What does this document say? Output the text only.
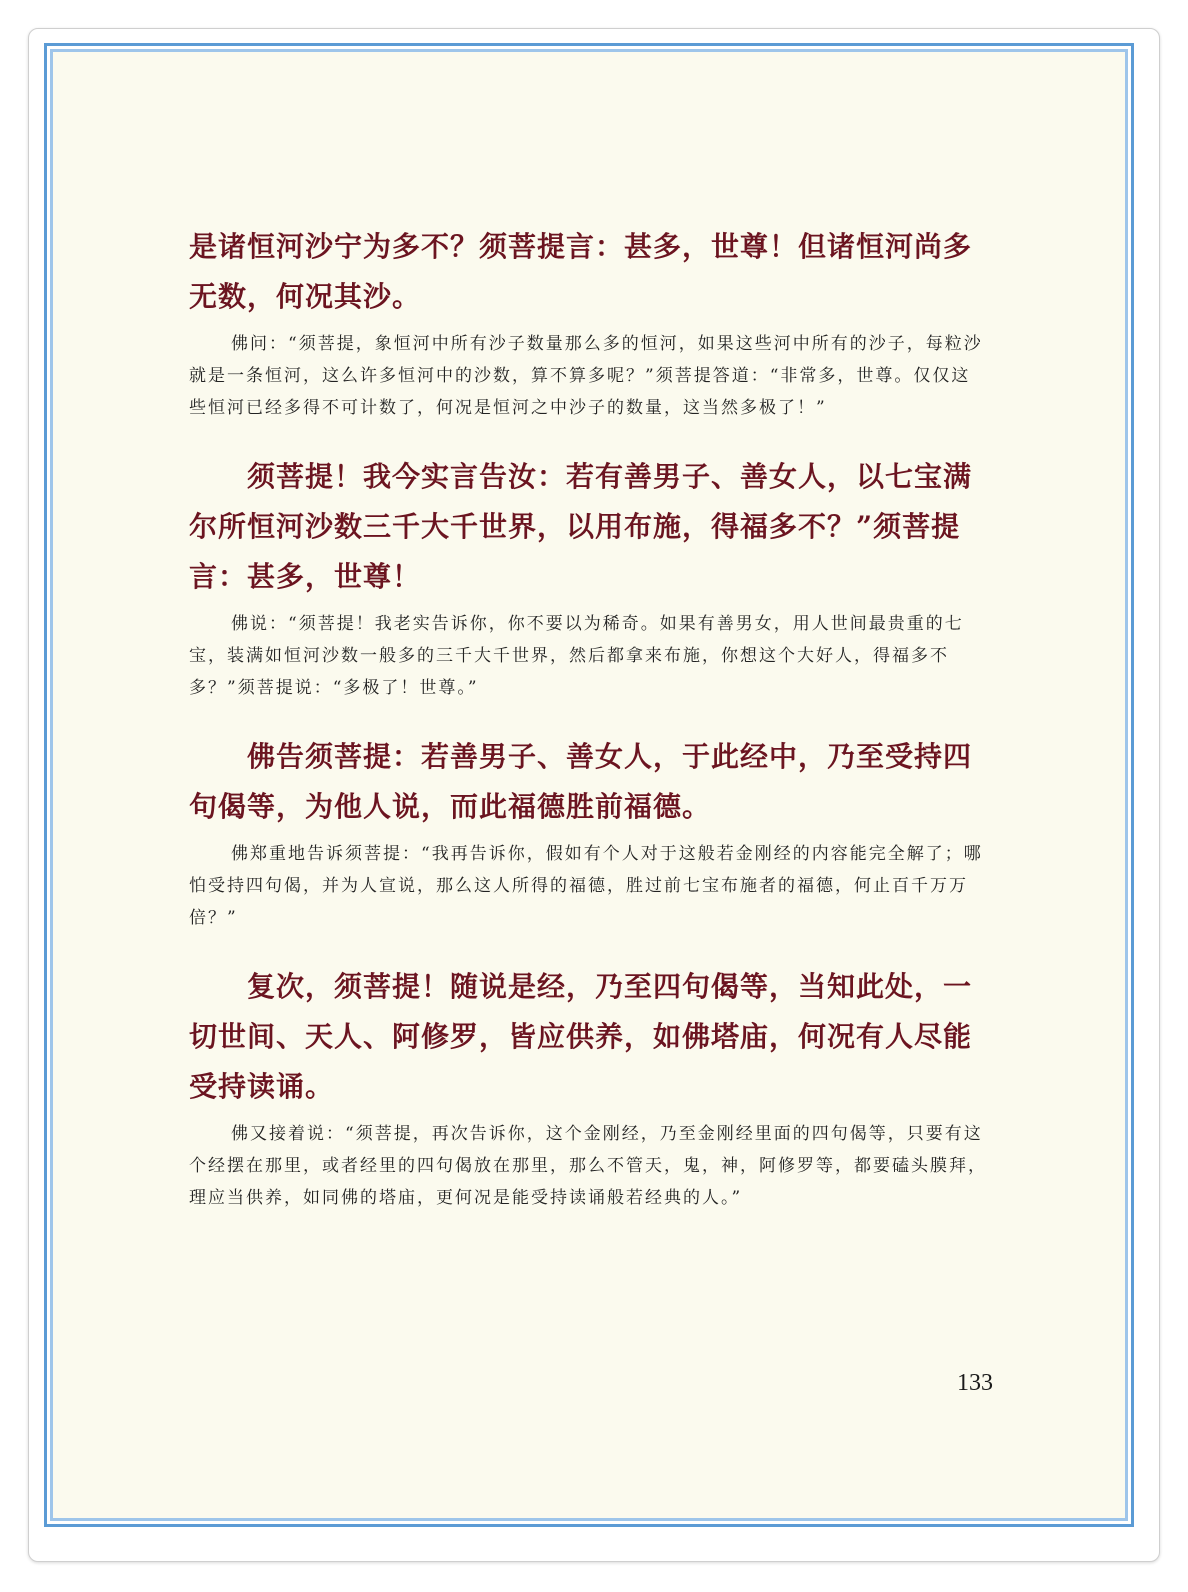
是诸恒河沙宁为多不？须菩提言：甚多，世尊！但诸恒河尚多无数，何况其沙。

佛问：“须菩提，象恒河中所有沙子数量那么多的恒河，如果这些河中所有的沙子，每粒沙就是一条恒河，这么许多恒河中的沙数，算不算多呢？”须菩提答道：“非常多，世尊。仅仅这些恒河已经多得不可计数了，何况是恒河之中沙子的数量，这当然多极了！”

须菩提！我今实言告汝：若有善男子、善女人，以七宝满尔所恒河沙数三千大千世界，以用布施，得福多不？”须菩提言：甚多，世尊！

佛说：“须菩提！我老实告诉你，你不要以为稀奇。如果有善男女，用人世间最贵重的七宝，装满如恒河沙数一般多的三千大千世界，然后都拿来布施，你想这个大好人，得福多不多？”须菩提说：“多极了！世尊。”

佛告须菩提：若善男子、善女人，于此经中，乃至受持四句偈等，为他人说，而此福德胜前福德。

佛郑重地告诉须菩提：“我再告诉你，假如有个人对于这般若金刚经的内容能完全解了；哪怕受持四句偈，并为人宣说，那么这人所得的福德，胜过前七宝布施者的福德，何止百千万万倍？”

复次，须菩提！随说是经，乃至四句偈等，当知此处，一切世间、天人、阿修罗，皆应供养，如佛塔庙，何况有人尽能受持读诵。

佛又接着说：“须菩提，再次告诉你，这个金刚经，乃至金刚经里面的四句偈等，只要有这个经摆在那里，或者经里的四句偈放在那里，那么不管天，鬼，神，阿修罗等，都要磕头膜拜，理应当供养，如同佛的塔庙，更何况是能受持读诵般若经典的人。”

133
